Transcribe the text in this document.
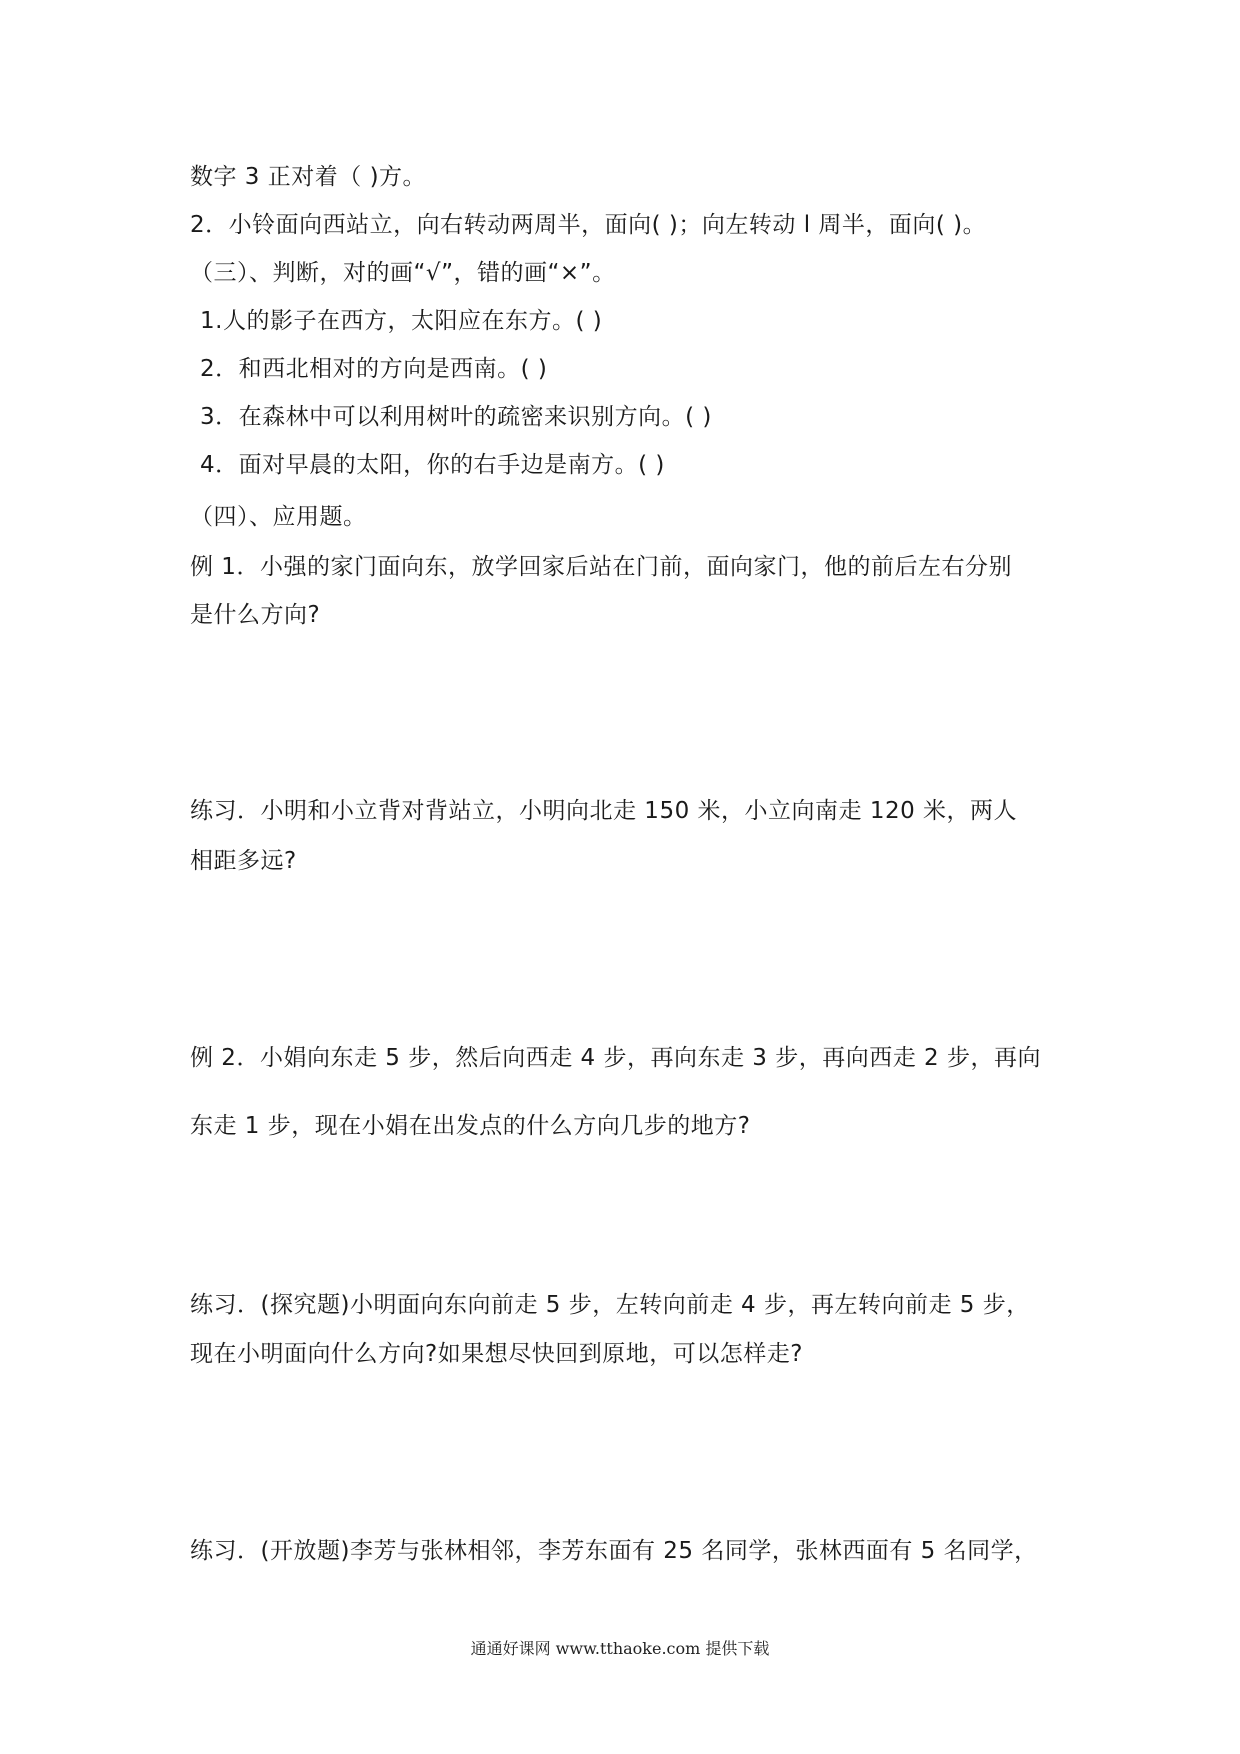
数字 3 正对着（ )方。
2．小铃面向西站立，向右转动两周半，面向( )；向左转动 l 周半，面向( )。
（三）、判断，对的画“√”，错的画“×”。
1.人的影子在西方，太阳应在东方。( )
2．和西北相对的方向是西南。( )
3．在森林中可以利用树叶的疏密来识别方向。( )
4．面对早晨的太阳，你的右手边是南方。( )
（四）、应用题。
例 1．小强的家门面向东，放学回家后站在门前，面向家门，他的前后左右分别
是什么方向?
练习．小明和小立背对背站立，小明向北走 150 米，小立向南走 120 米，两人
相距多远?
例 2．小娟向东走 5 步，然后向西走 4 步，再向东走 3 步，再向西走 2 步，再向
东走 1 步，现在小娟在出发点的什么方向几步的地方?
练习．(探究题)小明面向东向前走 5 步，左转向前走 4 步，再左转向前走 5 步，
现在小明面向什么方向?如果想尽快回到原地，可以怎样走?
练习．(开放题)李芳与张林相邻，李芳东面有 25 名同学，张林西面有 5 名同学，
通通好课网 www.tthaoke.com 提供下载
